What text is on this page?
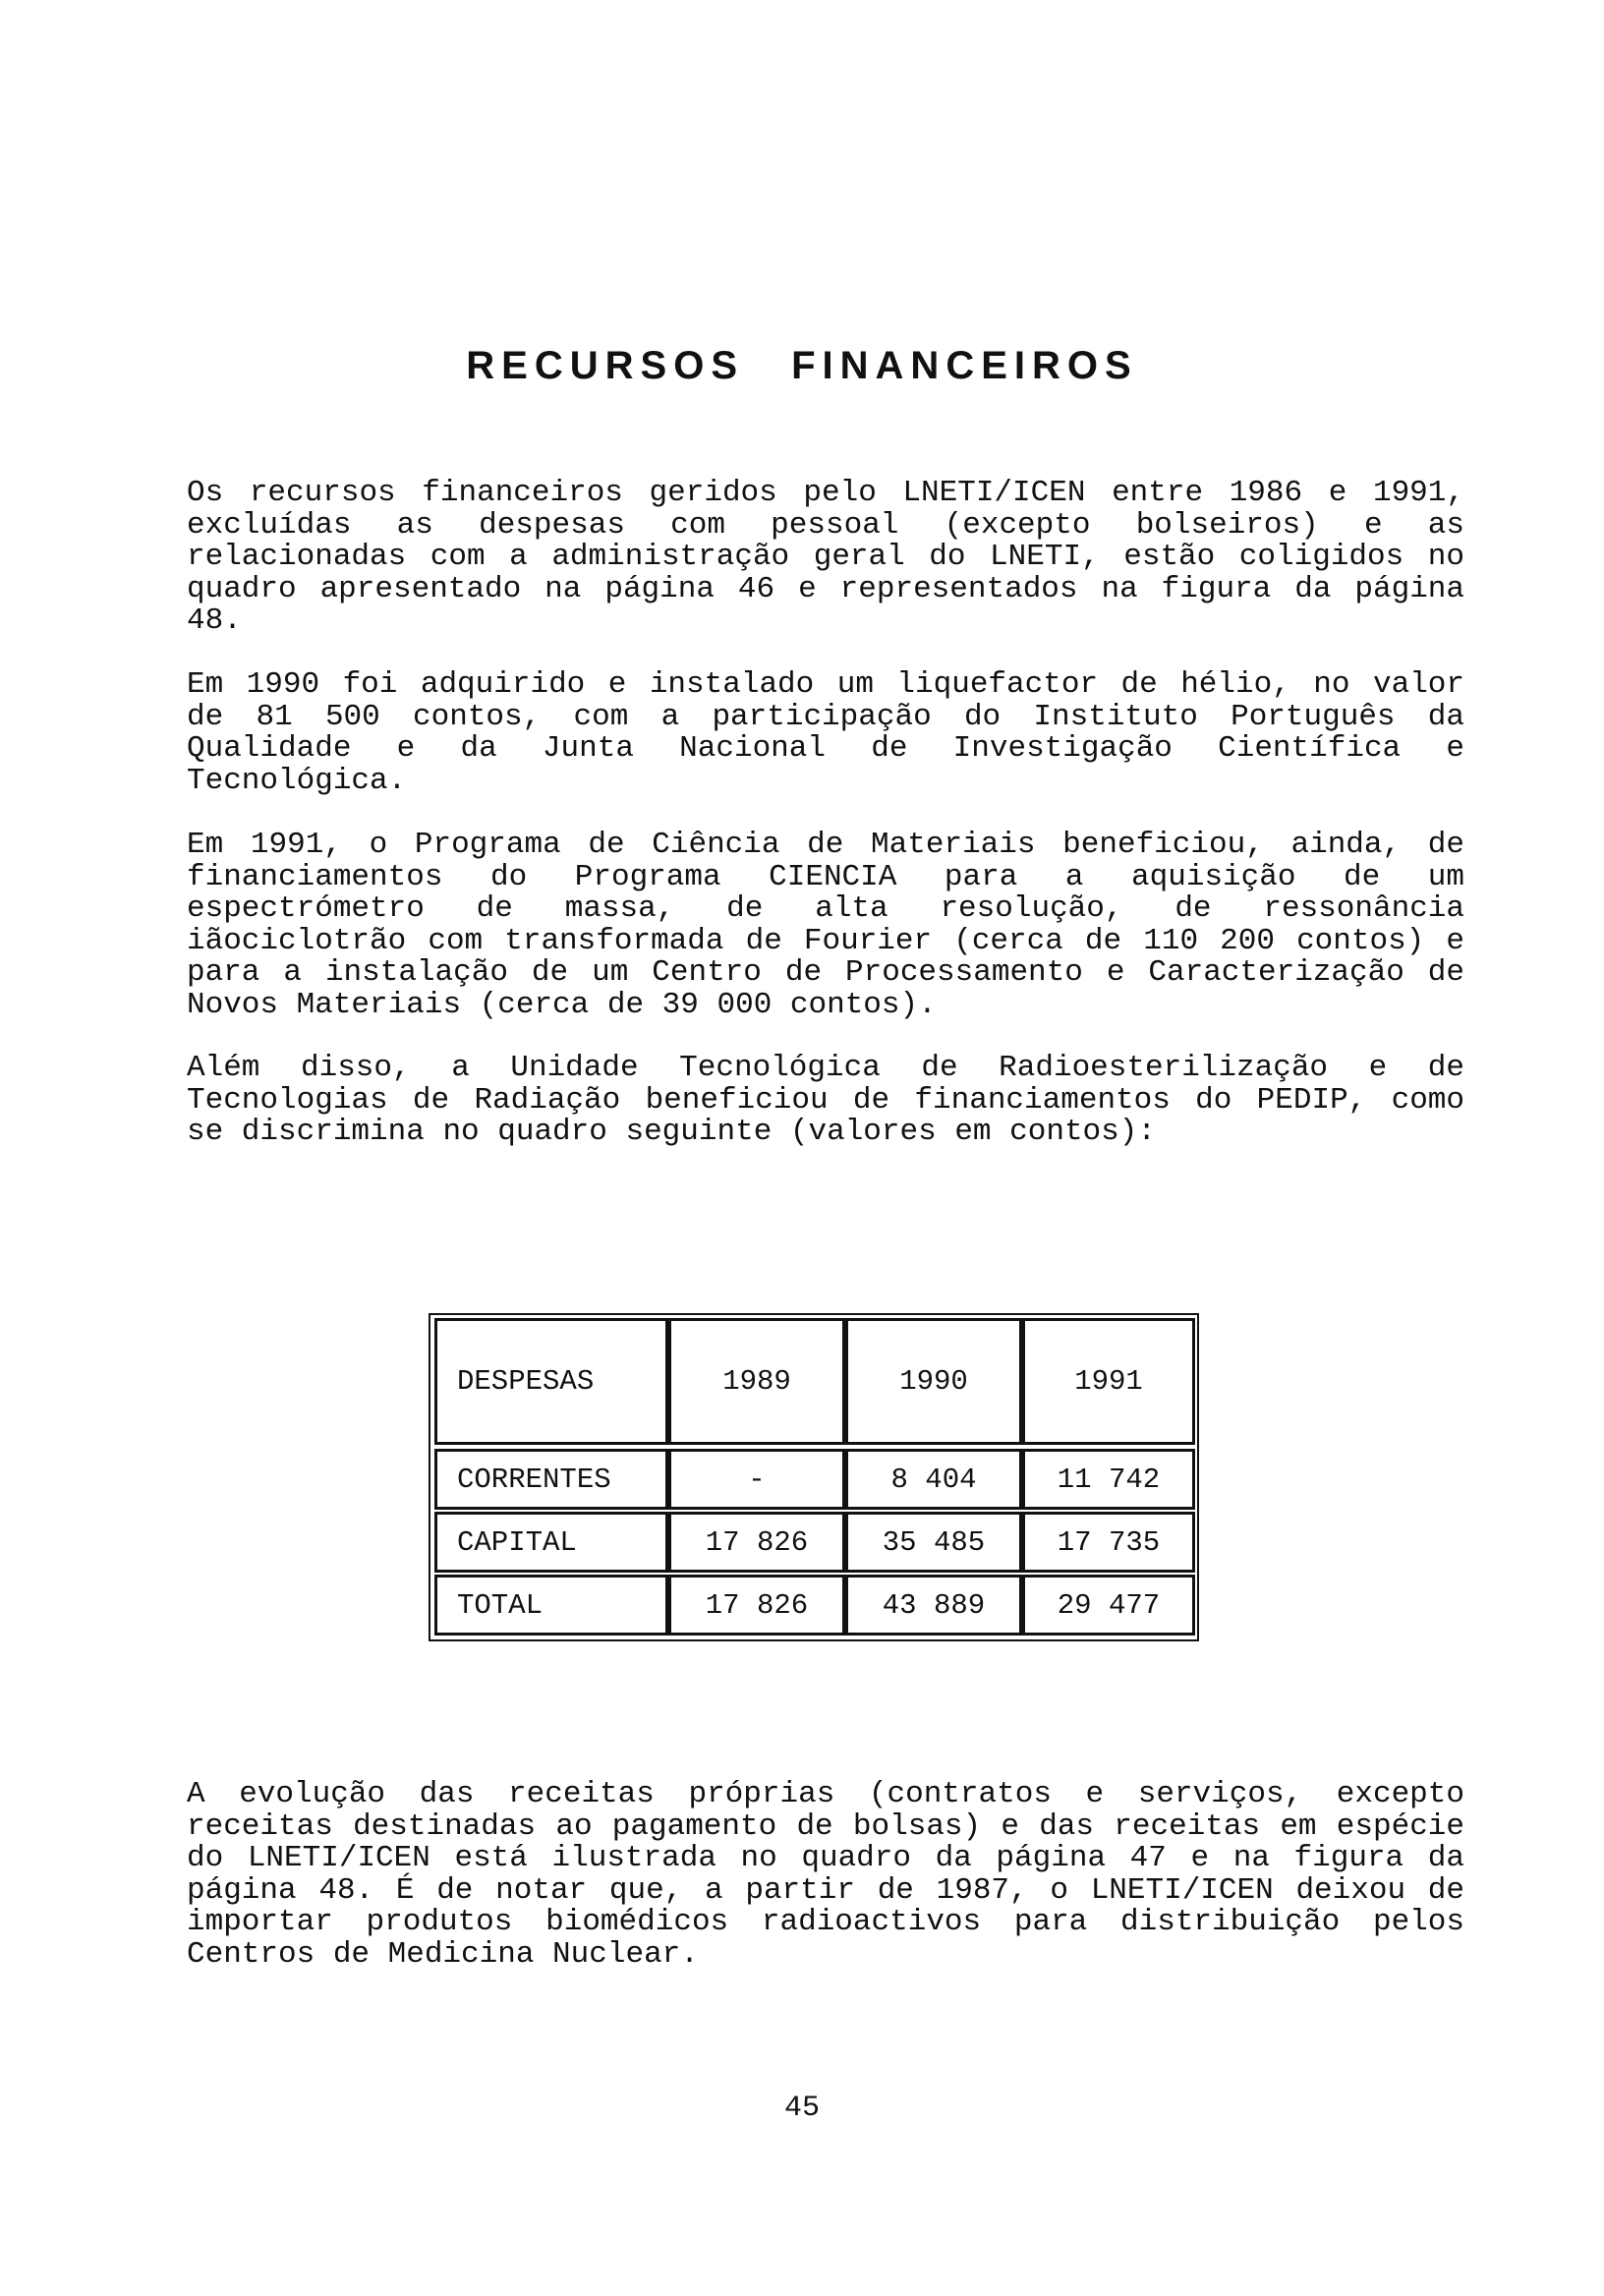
RECURSOS FINANCEIROS

Os recursos financeiros geridos pelo LNETI/ICEN entre 1986 e 1991, excluídas as despesas com pessoal (excepto bolseiros) e as relacionadas com a administração geral do LNETI, estão coligidos no quadro apresentado na página 46 e representados na figura da página 48.

Em 1990 foi adquirido e instalado um liquefactor de hélio, no valor de 81 500 contos, com a participação do Instituto Português da Qualidade e da Junta Nacional de Investigação Científica e Tecnológica.

Em 1991, o Programa de Ciência de Materiais beneficiou, ainda, de financiamentos do Programa CIENCIA para a aquisição de um espectrómetro de massa, de alta resolução, de ressonância iãociclotrão com transformada de Fourier (cerca de 110 200 contos) e para a instalação de um Centro de Processamento e Caracterização de Novos Materiais (cerca de 39 000 contos).

Além disso, a Unidade Tecnológica de Radioesterilização e de Tecnologias de Radiação beneficiou de financiamentos do PEDIP, como se discrimina no quadro seguinte (valores em contos):

DESPESAS	1989	1990	1991
CORRENTES	-	8 404	11 742
CAPITAL	17 826	35 485	17 735
TOTAL	17 826	43 889	29 477

A evolução das receitas próprias (contratos e serviços, excepto receitas destinadas ao pagamento de bolsas) e das receitas em espécie do LNETI/ICEN está ilustrada no quadro da página 47 e na figura da página 48. É de notar que, a partir de 1987, o LNETI/ICEN deixou de importar produtos biomédicos radioactivos para distribuição pelos Centros de Medicina Nuclear.

45
